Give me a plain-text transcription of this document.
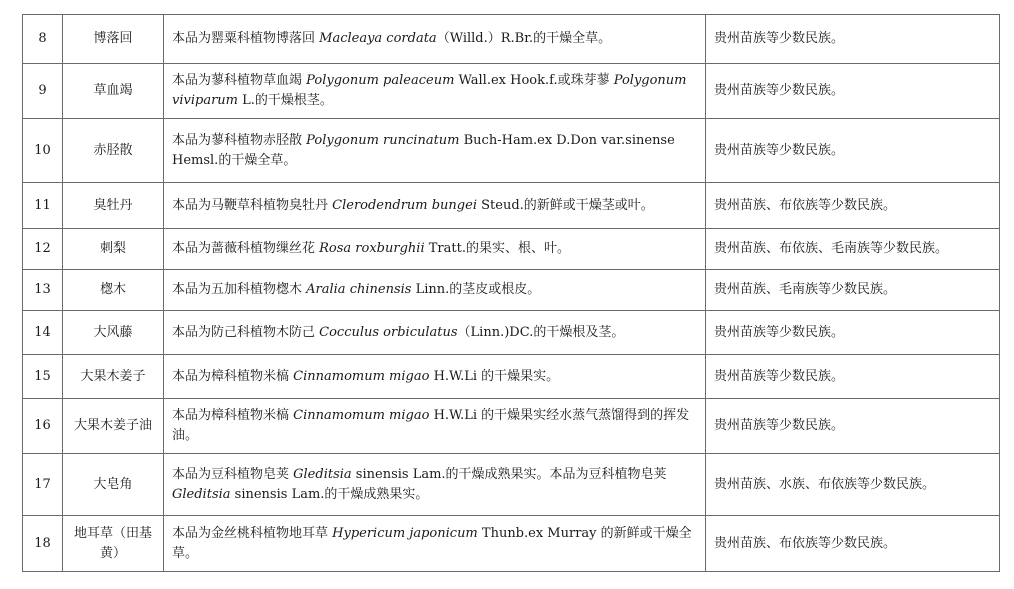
8	博落回	本品为罂粟科植物博落回 Macleaya cordata（Willd.）R.Br.的干燥全草。	贵州苗族等少数民族。
9	草血竭	本品为蓼科植物草血竭 Polygonum paleaceum Wall.ex Hook.f.或珠芽蓼 Polygonum viviparum L.的干燥根茎。	贵州苗族等少数民族。
10	赤胫散	本品为蓼科植物赤胫散 Polygonum runcinatum Buch-Ham.ex D.Don var.sinense Hemsl.的干燥全草。	贵州苗族等少数民族。
11	臭牡丹	本品为马鞭草科植物臭牡丹 Clerodendrum bungei Steud.的新鲜或干燥茎或叶。	贵州苗族、布依族等少数民族。
12	刺梨	本品为蔷薇科植物缫丝花 Rosa roxburghii Tratt.的果实、根、叶。	贵州苗族、布依族、毛南族等少数民族。
13	楤木	本品为五加科植物楤木 Aralia chinensis Linn.的茎皮或根皮。	贵州苗族、毛南族等少数民族。
14	大风藤	本品为防己科植物木防己 Cocculus orbiculatus（Linn.)DC.的干燥根及茎。	贵州苗族等少数民族。
15	大果木姜子	本品为樟科植物米槁 Cinnamomum migao H.W.Li 的干燥果实。	贵州苗族等少数民族。
16	大果木姜子油	本品为樟科植物米槁 Cinnamomum migao H.W.Li 的干燥果实经水蒸气蒸馏得到的挥发油。	贵州苗族等少数民族。
17	大皂角	本品为豆科植物皂荚 Gleditsia sinensis Lam.的干燥成熟果实。本品为豆科植物皂荚 Gleditsia sinensis Lam.的干燥成熟果实。	贵州苗族、水族、布依族等少数民族。
18	地耳草（田基黄）	本品为金丝桃科植物地耳草 Hypericum japonicum Thunb.ex Murray 的新鲜或干燥全草。	贵州苗族、布依族等少数民族。
